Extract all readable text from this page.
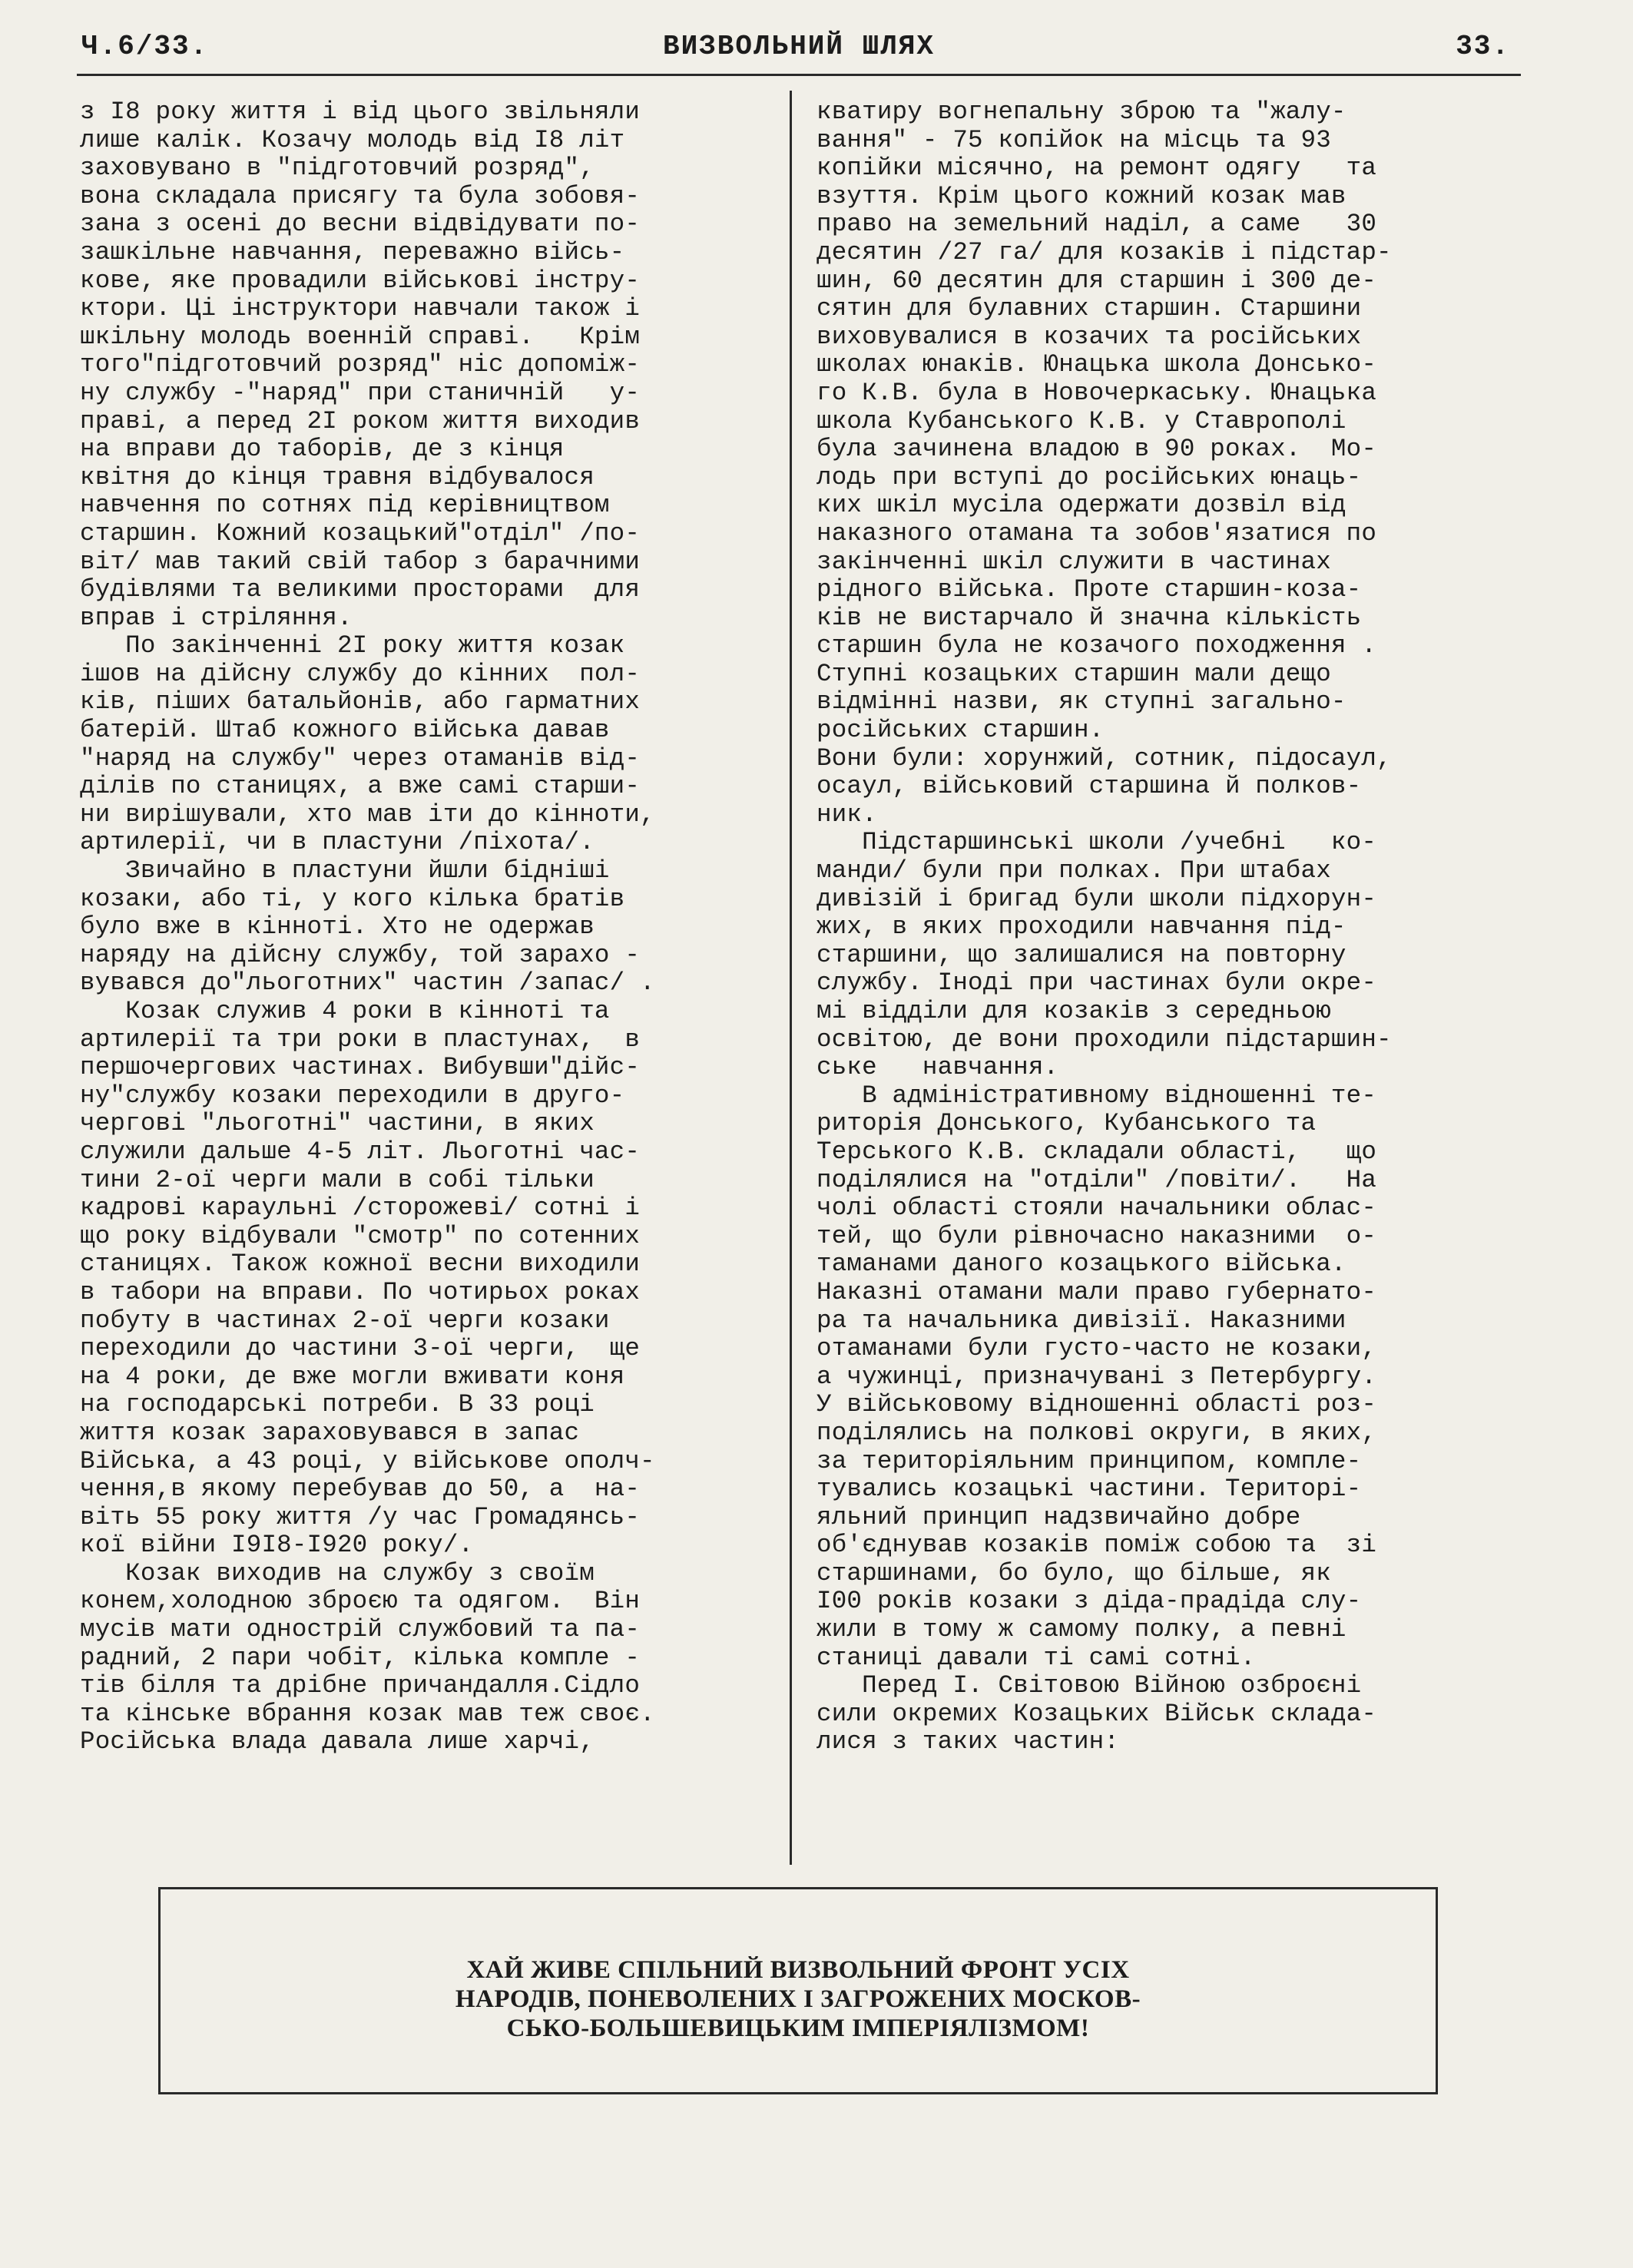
Ч.6/33.	ВИЗВОЛЬНИЙ ШЛЯХ	33.
з I8 року життя і від цього звільняли
лише калік. Козачу молодь від I8 літ
заховувано в "підготовчий розряд",
вона складала присягу та була зобовя-
зана з осені до весни відвідувати по-
зашкільне навчання, переважно вiйсь-
кове, яке провадили військові інстру-
ктори. Ці інструктори навчали також і
шкільну молодь военній справі.   Крім
того"підготовчий розряд" ніс допоміж-
ну службу -"наряд" при станичній   у-
праві, а перед 2I роком життя виходив
на вправи до таборів, де з кінця
квітня до кінця травня відбувалося
навчення по сотнях під керівництвом
старшин. Кожний козацький"отділ" /по-
віт/ мав такий свій табор з барачними
будівлями та великими просторами  для
вправ і стріляння.
По закінченні 2I року життя козак
ішов на дійсну службу до кінних  пол-
ків, піших батальйонів, або гарматних
батерій. Штаб кожного війська давав
"наряд на службу" через отаманів від-
ділів по станицях, а вже самі старши-
ни вирішували, хто мав іти до кінноти,
артилерії, чи в пластуни /піхота/.
Звичайно в пластуни йшли бідніші
козаки, або ті, у кого кілька братів
було вже в кінноті. Хто не одержав
наряду на дійсну службу, той зарахо -
вувався до"льоготних" частин /запас/ .
Козак служив 4 роки в кінноті та
артилерії та три роки в пластунах,  в
першочергових частинах. Вибувши"дійс-
ну"службу козаки переходили в друго-
чергові "льоготні" частини, в яких
служили дальше 4-5 літ. Льоготні час-
тини 2-ої черги мали в собі тільки
кадрові караульні /сторожеві/ сотні і
що року відбували "смотр" по сотенних
станицях. Також кожної весни виходили
в табори на вправи. По чотирьох роках
побуту в частинах 2-ої черги козаки
переходили до частини 3-ої черги,  ще
на 4 роки, де вже могли вживати коня
на господарські потреби. В 33 році
життя козак зараховувався в запас
Війська, а 43 році, у військове ополч-
чення,в якому перебував до 50, а  на-
віть 55 року життя /у час Громадянсь-
кої війни I9I8-I920 року/.
Козак виходив на службу з своїм
конем,холодною зброєю та одягом.  Він
мусів мати однострій службовий та па-
радний, 2 пари чобіт, кілька компле -
тів білля та дрібне причандалля.Сідло
та кінське вбрання козак мав теж своє.
Російська влада давала лише харчі,
кватиру вогнепальну зброю та "жалу-
вання" - 75 копійок на місць та 93
копійки місячно, на ремонт одягу   та
взуття. Крім цього кожний козак мав
право на земельний наділ, а саме   30
десятин /27 га/ для козаків і підстар-
шин, 60 десятин для старшин і 300 де-
сятин для булавних старшин. Старшини
виховувалися в козачих та російських
школах юнаків. Юнацька школа Донсько-
го К.В. була в Новочеркаську. Юнацька
школа Кубанського К.В. у Ставрополі
була зачинена владою в 90 роках.  Мо-
лодь при вступі до російських юнаць-
ких шкіл мусіла одержати дозвіл від
наказного отамана та зобов'язатися по
закінченні шкіл служити в частинах
рідного війська. Проте старшин-коза-
ків не вистарчало й значна кількість
старшин була не козачого походження .
Ступні козацьких старшин мали дещо
відмінні назви, як ступні загально-
російських старшин.
Вони були: хорунжий, сотник, підосаул,
осаул, військовий старшина й полков-
ник.
Підстаршинські школи /учебні   ко-
манди/ були при полках. При штабах
дивізій і бригад були школи підхорун-
жих, в яких проходили навчання під-
старшини, що залишалися на повторну
службу. Іноді при частинах були окре-
мі відділи для козаків з середньою
освітою, де вони проходили підстаршин-
ське   навчання.
В адміністративному відношенні те-
риторія Донського, Кубанського та
Терського К.В. складали області,   що
поділялися на "отділи" /повіти/.   На
чолі області стояли начальники облас-
тей, що були рівночасно наказними  о-
таманами даного козацького війська.
Наказні отамани мали право губернато-
ра та начальника дивізії. Наказними
отаманами були густо-часто не козаки,
а чужинці, призначувані з Петербургу.
У військовому відношенні області роз-
поділялись на полкові округи, в яких,
за територіяльним принципом, компле-
тувались козацькі частини. Територі-
яльний принцип надзвичайно добре
об'єднував козаків поміж собою та  зі
старшинами, бо було, що більше, як
I00 років козаки з діда-прадіда слу-
жили в тому ж самому полку, а певні
станиці давали ті самі сотні.
Перед I. Світовою Війною озброєні
сили окремих Козацьких Військ склада-
лися з таких частин:
ХАЙ ЖИВЕ СПІЛЬНИЙ ВИЗВОЛЬНИЙ ФРОНТ УСІХ
НАРОДІВ, ПОНЕВОЛЕНИХ І ЗАГРОЖЕНИХ МОСКОВ-
СЬКО-БОЛЬШЕВИЦЬКИМ ІМПЕРІЯЛІЗМОМ!
